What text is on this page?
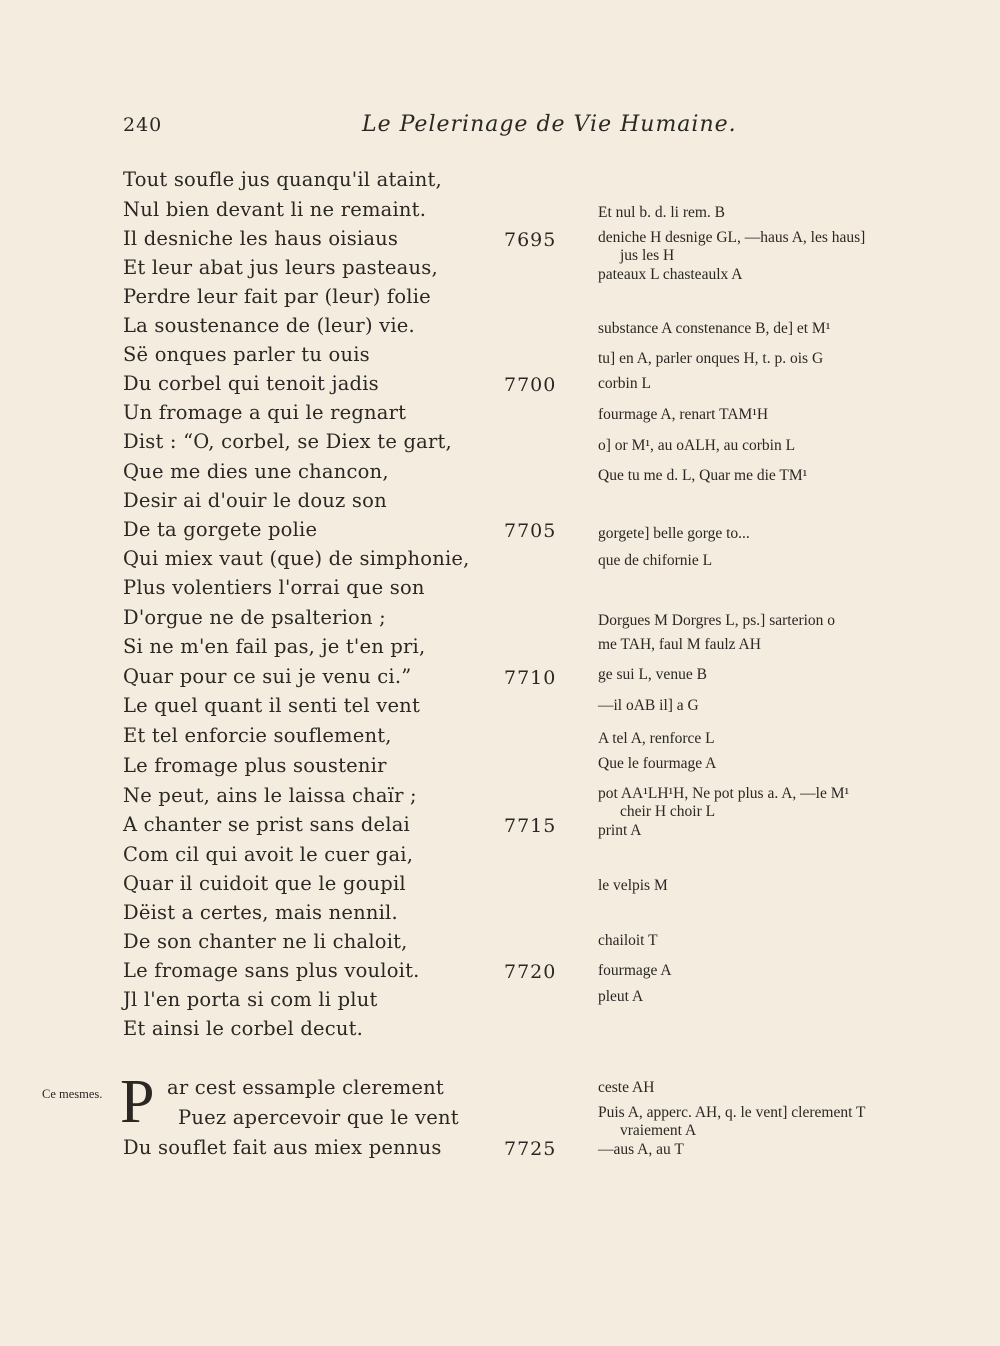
240	Le Pelerinage de Vie Humaine.
Tout soufle jus quanqu'il ataint,
Nul bien devant li ne remaint.
Il desniche les haus oisiaus
Et leur abat jus leurs pasteaus,
Perdre leur fait par (leur) folie
La soustenance de (leur) vie.
Së onques parler tu ouis
Du corbel qui tenoit jadis
Un fromage a qui le regnart
Dist : “O, corbel, se Diex te gart,
Que me dies une chancon,
Desir ai d'ouir le douz son
De ta gorgete polie
Qui miex vaut (que) de simphonie,
Plus volentiers l'orrai que son
D'orgue ne de psalterion ;
Si ne m'en fail pas, je t'en pri,
Quar pour ce sui je venu ci.”
Le quel quant il senti tel vent
Et tel enforcie souflement,
Le fromage plus soustenir
Ne peut, ains le laissa chaïr ;
A chanter se prist sans delai
Com cil qui avoit le cuer gai,
Quar il cuidoit que le goupil
Dëist a certes, mais nennil.
De son chanter ne li chaloit,
Le fromage sans plus vouloit.
Jl l'en porta si com li plut
Et ainsi le corbel decut.
Ce mesmes. P ar cest essample clerement
Puez apercevoir que le vent
Du souflet fait aus miex pennus
7695
7700
7705
7710
7715
7720
7725
Et nul b. d. li rem. B
deniche H desnige GL, —haus A, les haus]
jus les H
pateaux L chasteaulx A
substance A constenance B, de] et M¹
tu] en A, parler onques H, t. p. ois G
corbin L
fourmage A, renart TAM¹H
o] or M¹, au oALH, au corbin L
Que tu me d. L, Quar me die TM¹
gorgete] belle gorge to...
que de chifornie L
Dorgues M Dorgres L, ps.] sarterion o
me TAH, faul M faulz AH
ge sui L, venue B
—il oAB il] a G
A tel A, renforce L
Que le fourmage A
pot AA¹LH¹H, Ne pot plus a. A, —le M¹
cheir H choir L
print A
le velpis M
chailoit T
fourmage A
pleut A
ceste AH
Puis A, apperc. AH, q. le vent] clerement T
vraiement A
—aus A, au T
